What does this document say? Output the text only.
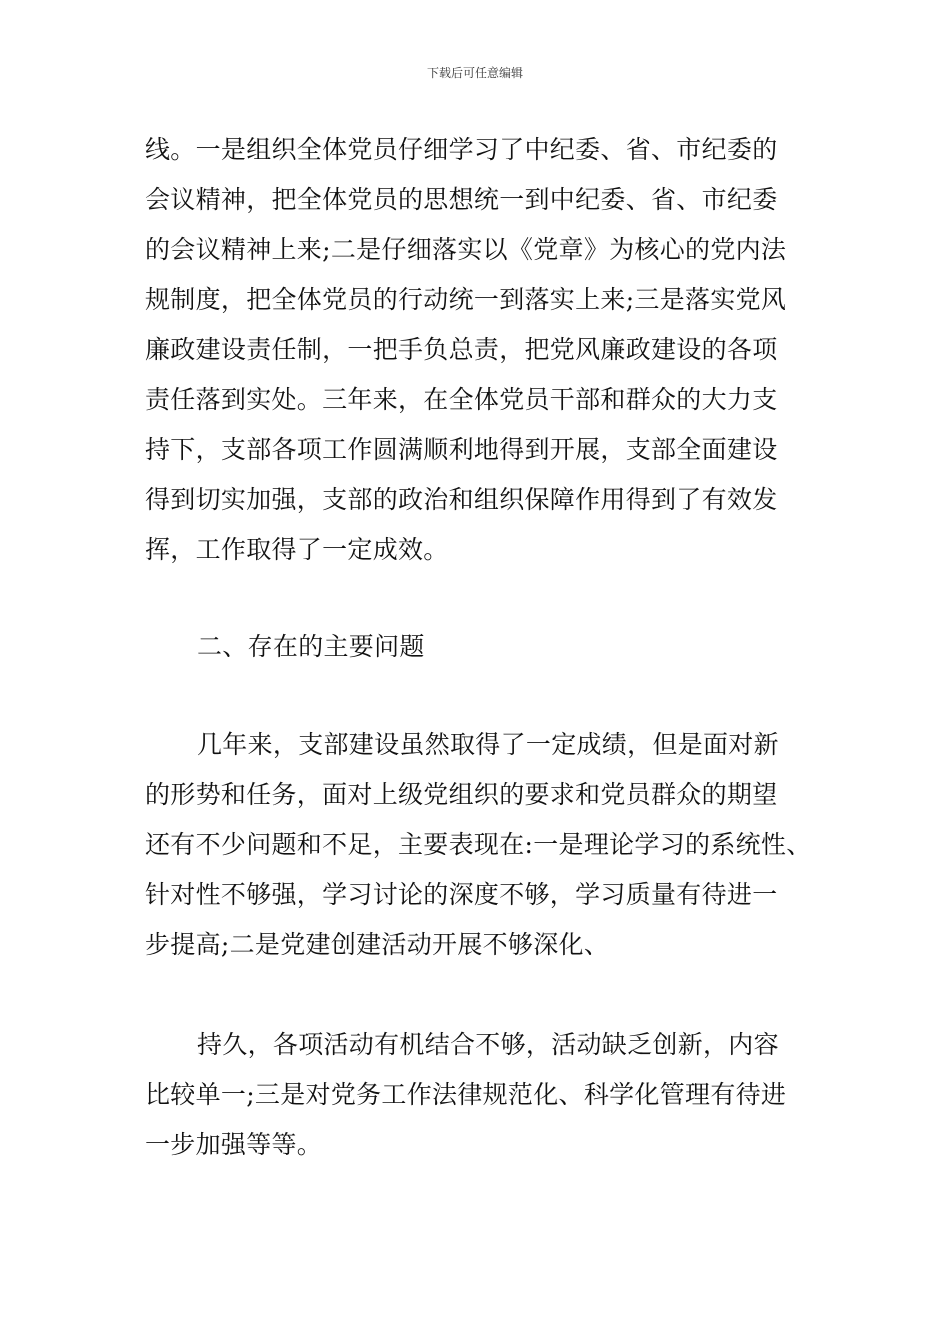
下载后可任意编辑
线。一是组织全体党员仔细学习了中纪委、省、市纪委的
会议精神，把全体党员的思想统一到中纪委、省、市纪委
的会议精神上来;二是仔细落实以《党章》为核心的党内法
规制度，把全体党员的行动统一到落实上来;三是落实党风
廉政建设责任制，一把手负总责，把党风廉政建设的各项
责任落到实处。三年来，在全体党员干部和群众的大力支
持下，支部各项工作圆满顺利地得到开展，支部全面建设
得到切实加强，支部的政治和组织保障作用得到了有效发
挥，工作取得了一定成效。
二、存在的主要问题
几年来，支部建设虽然取得了一定成绩，但是面对新
的形势和任务，面对上级党组织的要求和党员群众的期望
还有不少问题和不足，主要表现在:一是理论学习的系统性、
针对性不够强，学习讨论的深度不够，学习质量有待进一
步提高;二是党建创建活动开展不够深化、
持久，各项活动有机结合不够，活动缺乏创新，内容
比较单一;三是对党务工作法律规范化、科学化管理有待进
一步加强等等。
